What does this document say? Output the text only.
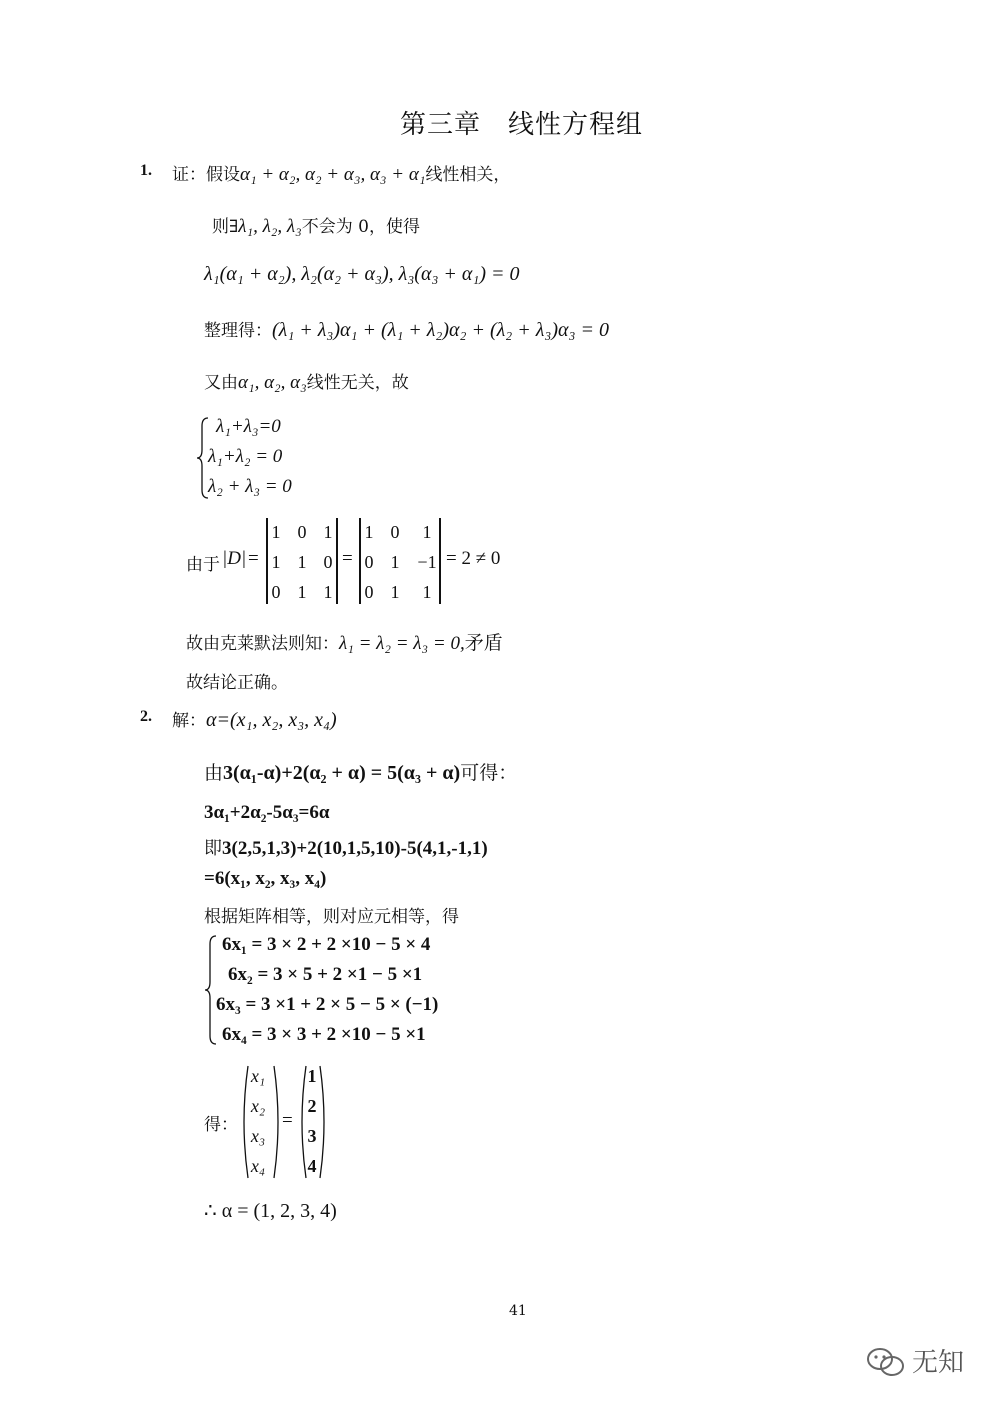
第三章　线性方程组
1. 证：假设α₁ + α₂, α₂ + α₃, α₃ + α₁线性相关，
则∃λ₁, λ₂, λ₃不会为 0，使得
λ₁(α₁ + α₂), λ₂(α₂ + α₃), λ₃(α₃ + α₁) = 0
整理得：(λ₁ + λ₃)α₁ + (λ₁ + λ₂)α₂ + (λ₂ + λ₃)α₃ = 0
又由α₁, α₂, α₃线性无关，故
λ₁+λ₃=0
λ₁+λ₂ = 0
λ₂ + λ₃ = 0
由于 |D| =
1 0 1
1 1 0
0 1 1
=
1 0	1
0 1 −1
0 1	1
= 2 ≠ 0
故由克莱默法则知：λ₁ = λ₂ = λ₃ = 0,矛盾
故结论正确。
2. 解：α=(x₁, x₂, x₃, x₄)
由3(α₁-α)+2(α₂ + α) = 5(α₃ + α)可得：
3α₁+2α₂-5α₃=6α
即3(2,5,1,3)+2(10,1,5,10)-5(4,1,-1,1)
=6(x₁, x₂, x₃, x₄)
根据矩阵相等，则对应元相等，得
6x₁ = 3 × 2 + 2 ×10 − 5 × 4
6x₂ = 3 × 5 + 2 ×1 − 5 ×1
6x₃ = 3 ×1 + 2 × 5 − 5 × (−1)
6x₄ = 3 × 3 + 2 ×10 − 5 ×1
得：
x₁
x₂
x₃
x₄
=
1
2
3
4
∴ α = (1, 2, 3, 4)
41
无知
